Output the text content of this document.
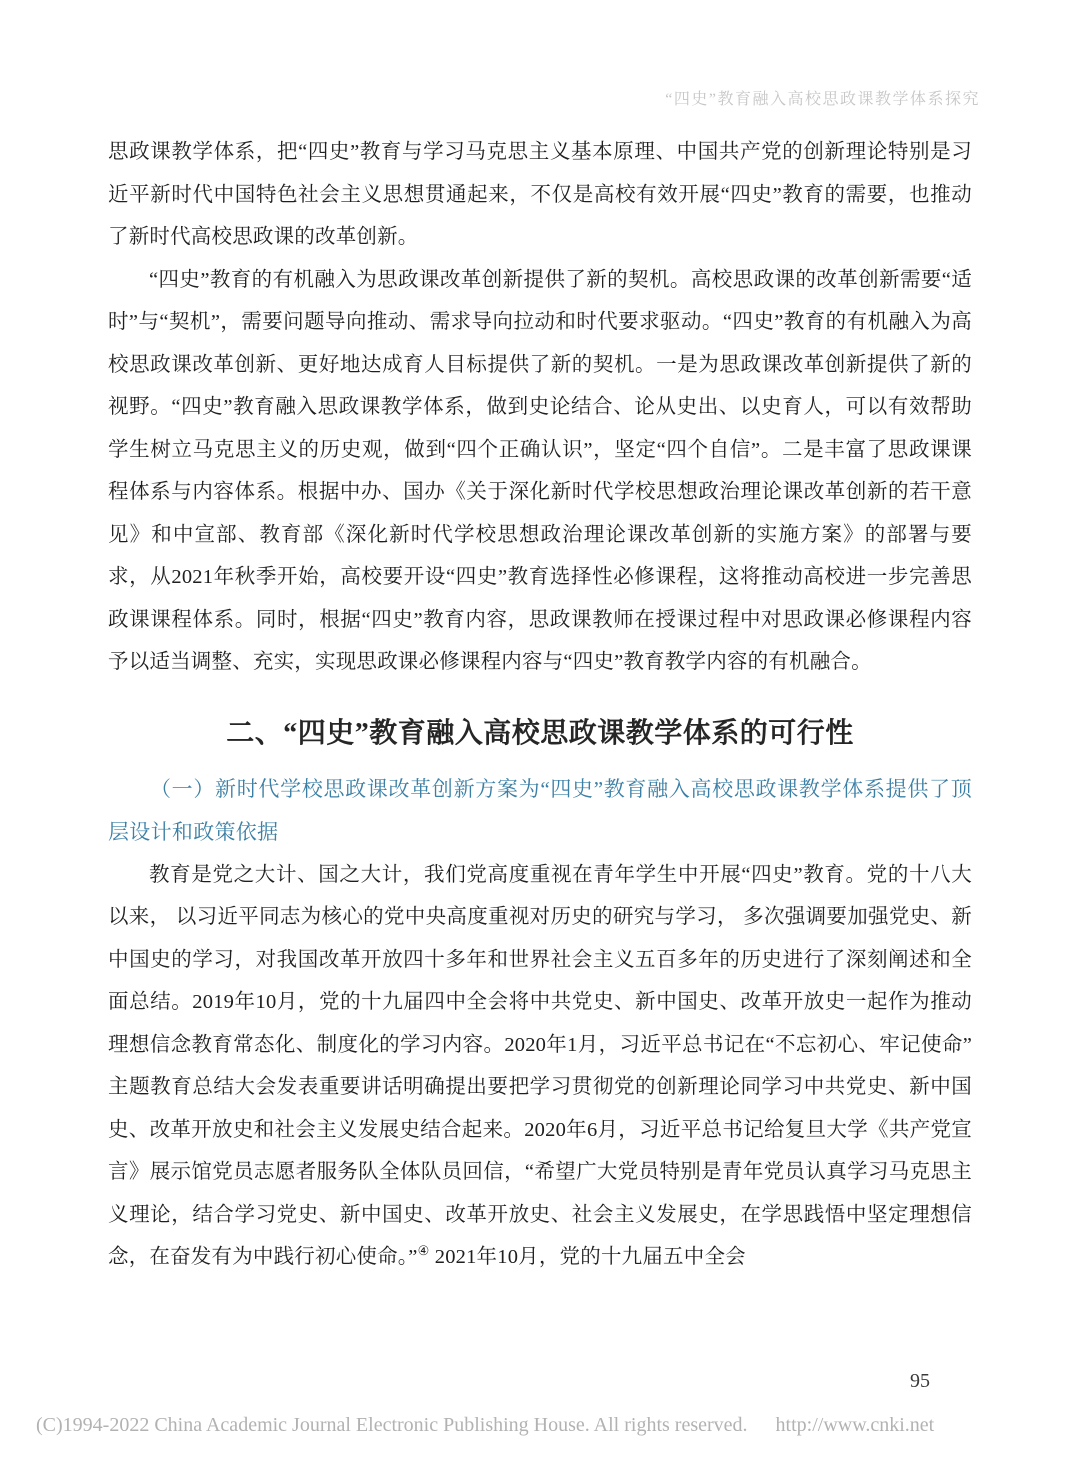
“四史”教育融入高校思政课教学体系探究

思政课教学体系，把“四史”教育与学习马克思主义基本原理、中国共产党的创新理论特别是习近平新时代中国特色社会主义思想贯通起来，不仅是高校有效开展“四史”教育的需要，也推动了新时代高校思政课的改革创新。

“四史”教育的有机融入为思政课改革创新提供了新的契机。高校思政课的改革创新需要“适时”与“契机”，需要问题导向推动、需求导向拉动和时代要求驱动。“四史”教育的有机融入为高校思政课改革创新、更好地达成育人目标提供了新的契机。一是为思政课改革创新提供了新的视野。“四史”教育融入思政课教学体系，做到史论结合、论从史出、以史育人，可以有效帮助学生树立马克思主义的历史观，做到“四个正确认识”，坚定“四个自信”。二是丰富了思政课课程体系与内容体系。根据中办、国办《关于深化新时代学校思想政治理论课改革创新的若干意见》和中宣部、教育部《深化新时代学校思想政治理论课改革创新的实施方案》的部署与要求，从2021年秋季开始，高校要开设“四史”教育选择性必修课程，这将推动高校进一步完善思政课课程体系。同时，根据“四史”教育内容，思政课教师在授课过程中对思政课必修课程内容予以适当调整、充实，实现思政课必修课程内容与“四史”教育教学内容的有机融合。

二、“四史”教育融入高校思政课教学体系的可行性
（一）新时代学校思政课改革创新方案为“四史”教育融入高校思政课教学体系提供了顶层设计和政策依据

教育是党之大计、国之大计，我们党高度重视在青年学生中开展“四史”教育。党的十八大以来， 以习近平同志为核心的党中央高度重视对历史的研究与学习， 多次强调要加强党史、新中国史的学习，对我国改革开放四十多年和世界社会主义五百多年的历史进行了深刻阐述和全面总结。2019年10月，党的十九届四中全会将中共党史、新中国史、改革开放史一起作为推动理想信念教育常态化、制度化的学习内容。2020年1月，习近平总书记在“不忘初心、牢记使命” 主题教育总结大会发表重要讲话明确提出要把学习贯彻党的创新理论同学习中共党史、新中国史、改革开放史和社会主义发展史结合起来。2020年6月，习近平总书记给复旦大学《共产党宣言》展示馆党员志愿者服务队全体队员回信，“希望广大党员特别是青年党员认真学习马克思主义理论，结合学习党史、新中国史、改革开放史、社会主义发展史，在学思践悟中坚定理想信念，在奋发有为中践行初心使命。”④ 2021年10月，党的十九届五中全会

95
(C)1994-2022 China Academic Journal Electronic Publishing House. All rights reserved. http://www.cnki.net
